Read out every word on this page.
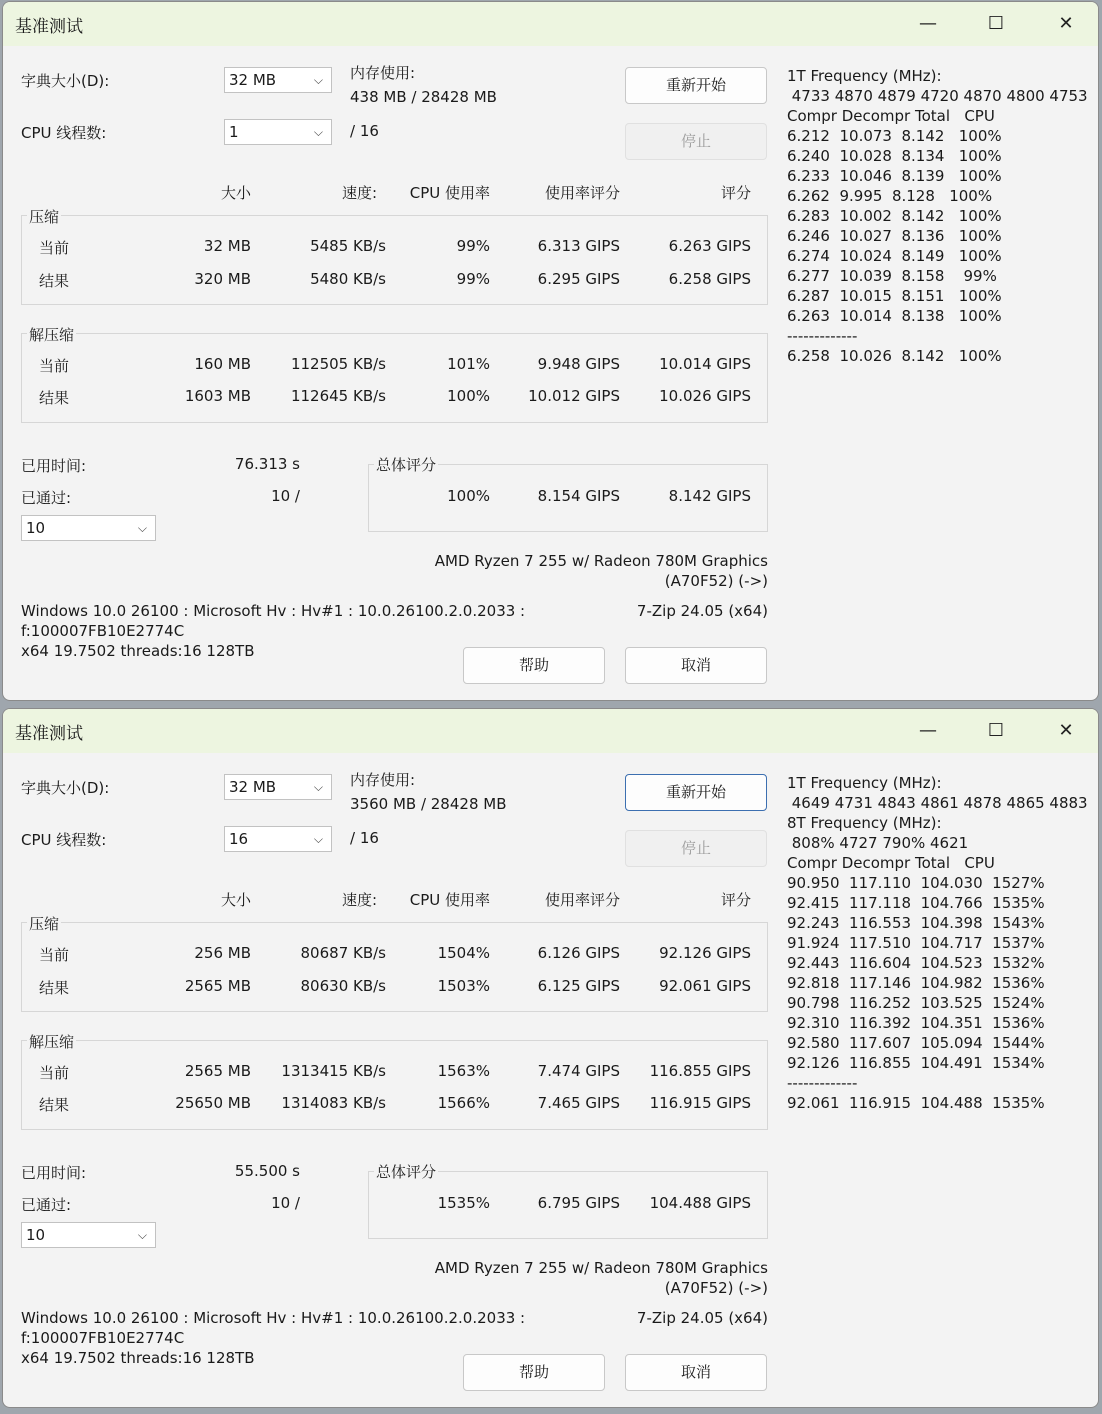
基准测试	—	☐	✕
字典大小(D):	32 MB	⌵ 内存使用:
438 MB / 28428 MB
重新开始
CPU 线程数:	1	⌵ / 16
停止
大小	速度:	CPU 使用率	使用率评分	评分
压缩
当前	32 MB	5485 KB/s	99%	6.313 GIPS	6.263 GIPS
结果	320 MB	5480 KB/s	99%	6.295 GIPS	6.258 GIPS
解压缩
当前	160 MB	112505 KB/s	101%	9.948 GIPS	10.014 GIPS
结果	1603 MB	112645 KB/s	100%	10.012 GIPS	10.026 GIPS
已用时间:	76.313 s
已通过:	10 /
10	⌵
总体评分
100%	8.154 GIPS	8.142 GIPS
AMD Ryzen 7 255 w/ Radeon 780M Graphics
(A70F52) (->)
Windows 10.0 26100 : Microsoft Hv : Hv#1 : 10.0.26100.2.0.2033 :
f:100007FB10E2774C
x64 19.7502 threads:16 128TB
7-Zip 24.05 (x64)
帮助	取消
1T Frequency (MHz):
4733 4870 4879 4720 4870 4800 4753
Compr Decompr Total   CPU
6.212  10.073  8.142   100%
6.240  10.028  8.134   100%
6.233  10.046  8.139   100%
6.262  9.995  8.128   100%
6.283  10.002  8.142   100%
6.246  10.027  8.136   100%
6.274  10.024  8.149   100%
6.277  10.039  8.158    99%
6.287  10.015  8.151   100%
6.263  10.014  8.138   100%
-------------
6.258  10.026  8.142   100%
基准测试	—	☐	✕
字典大小(D):	32 MB	⌵ 内存使用:
3560 MB / 28428 MB
重新开始
CPU 线程数:	16	⌵ / 16
停止
大小	速度:	CPU 使用率	使用率评分	评分
压缩
当前	256 MB	80687 KB/s	1504%	6.126 GIPS	92.126 GIPS
结果	2565 MB	80630 KB/s	1503%	6.125 GIPS	92.061 GIPS
解压缩
当前	2565 MB	1313415 KB/s	1563%	7.474 GIPS	116.855 GIPS
结果	25650 MB	1314083 KB/s	1566%	7.465 GIPS	116.915 GIPS
已用时间:	55.500 s
已通过:	10 /
10	⌵
总体评分
1535%	6.795 GIPS	104.488 GIPS
AMD Ryzen 7 255 w/ Radeon 780M Graphics
(A70F52) (->)
Windows 10.0 26100 : Microsoft Hv : Hv#1 : 10.0.26100.2.0.2033 :
f:100007FB10E2774C
x64 19.7502 threads:16 128TB
7-Zip 24.05 (x64)
帮助	取消
1T Frequency (MHz):
4649 4731 4843 4861 4878 4865 4883
8T Frequency (MHz):
808% 4727 790% 4621
Compr Decompr Total   CPU
90.950  117.110  104.030  1527%
92.415  117.118  104.766  1535%
92.243  116.553  104.398  1543%
91.924  117.510  104.717  1537%
92.443  116.604  104.523  1532%
92.818  117.146  104.982  1536%
90.798  116.252  103.525  1524%
92.310  116.392  104.351  1536%
92.580  117.607  105.094  1544%
92.126  116.855  104.491  1534%
-------------
92.061  116.915  104.488  1535%
